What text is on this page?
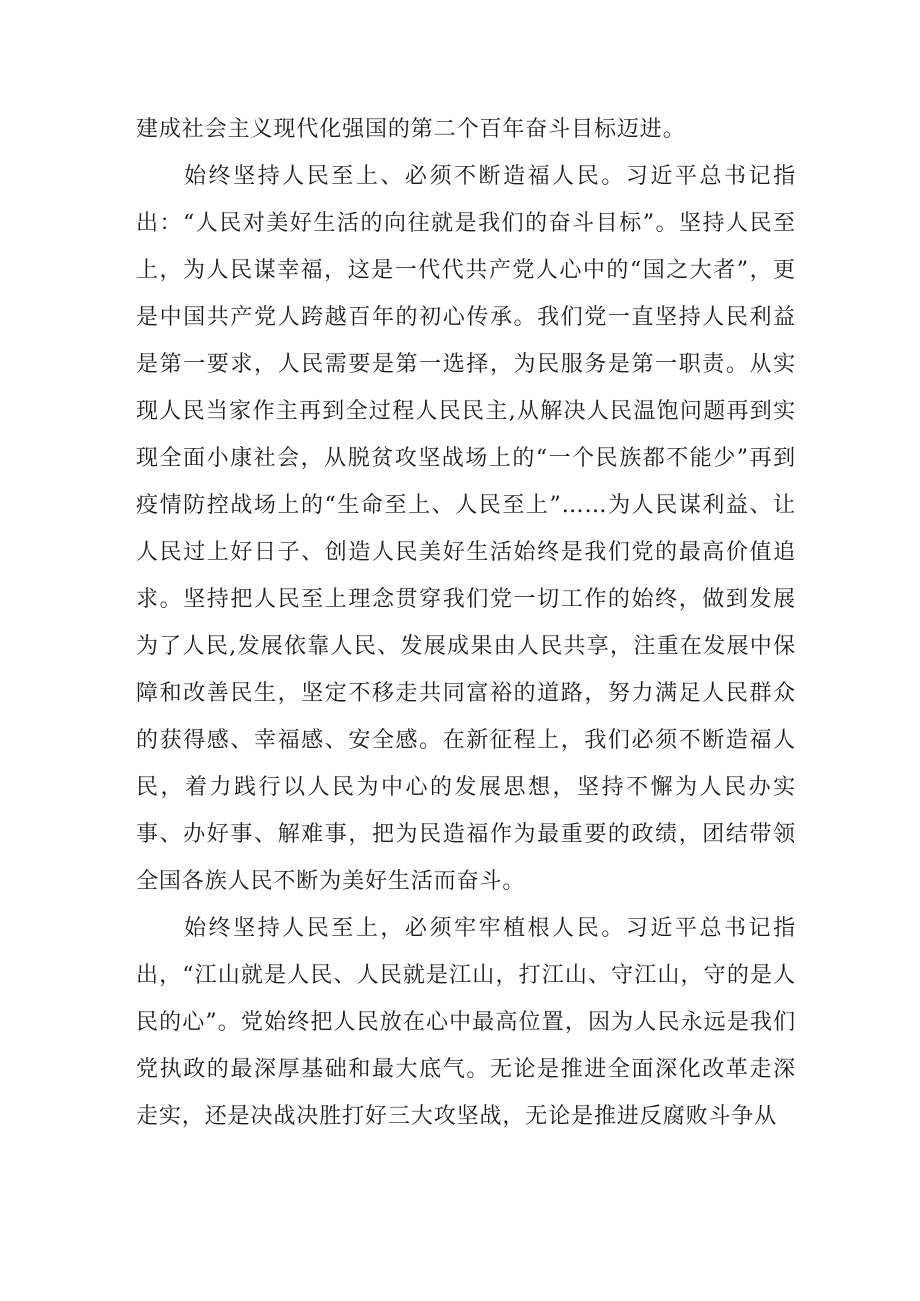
建成社会主义现代化强国的第二个百年奋斗目标迈进。

始终坚持人民至上、必须不断造福人民。习近平总书记指出：“人民对美好生活的向往就是我们的奋斗目标”。坚持人民至上，为人民谋幸福，这是一代代共产党人心中的“国之大者”，更是中国共产党人跨越百年的初心传承。我们党一直坚持人民利益是第一要求，人民需要是第一选择，为民服务是第一职责。从实现人民当家作主再到全过程人民民主,从解决人民温饱问题再到实现全面小康社会，从脱贫攻坚战场上的“一个民族都不能少”再到疫情防控战场上的“生命至上、人民至上”……为人民谋利益、让人民过上好日子、创造人民美好生活始终是我们党的最高价值追求。坚持把人民至上理念贯穿我们党一切工作的始终，做到发展为了人民,发展依靠人民、发展成果由人民共享，注重在发展中保障和改善民生，坚定不移走共同富裕的道路，努力满足人民群众的获得感、幸福感、安全感。在新征程上，我们必须不断造福人民，着力践行以人民为中心的发展思想，坚持不懈为人民办实事、办好事、解难事，把为民造福作为最重要的政绩，团结带领全国各族人民不断为美好生活而奋斗。

始终坚持人民至上，必须牢牢植根人民。习近平总书记指出，“江山就是人民、人民就是江山，打江山、守江山，守的是人民的心”。党始终把人民放在心中最高位置，因为人民永远是我们党执政的最深厚基础和最大底气。无论是推进全面深化改革走深走实，还是决战决胜打好三大攻坚战，无论是推进反腐败斗争从
